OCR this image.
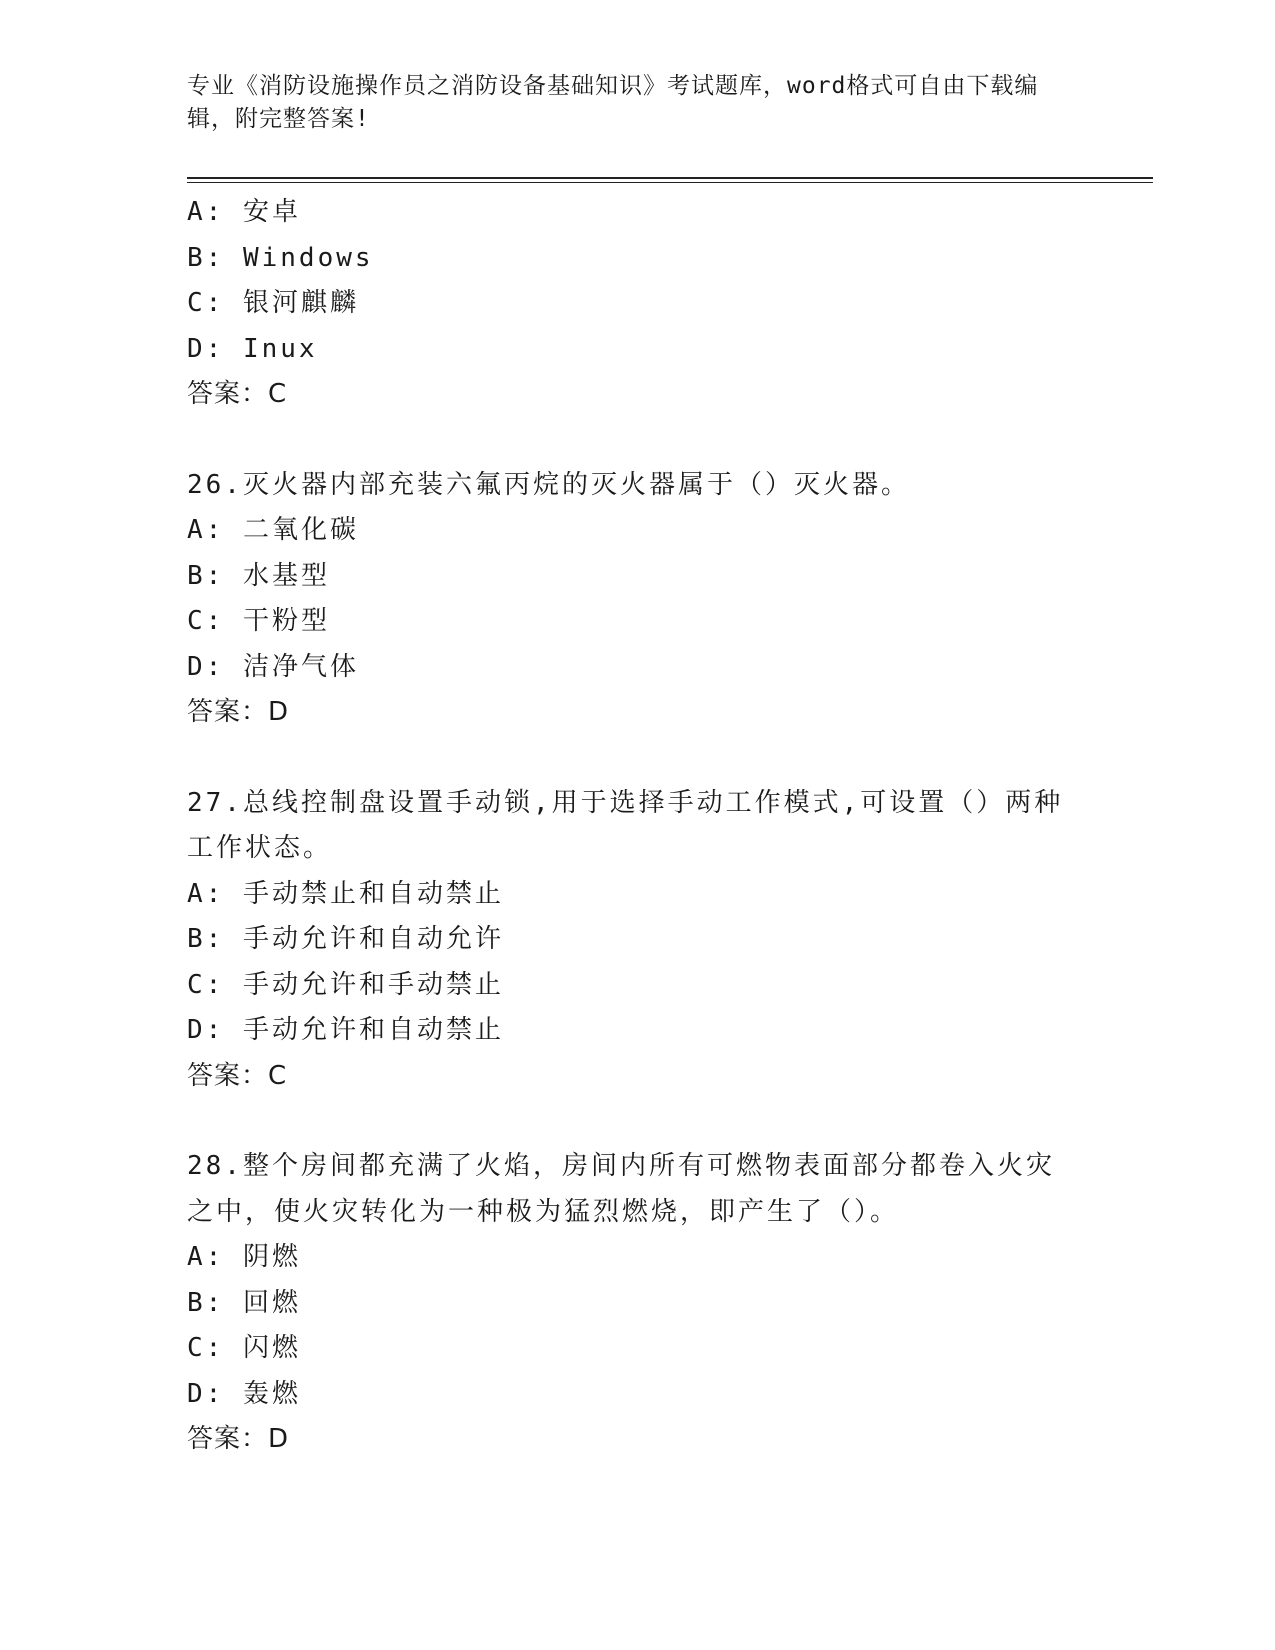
专业《消防设施操作员之消防设备基础知识》考试题库，word格式可自由下载编辑，附完整答案!
A: 安卓
B: Windows
C: 银河麒麟
D: Inux
答案：C
26.灭火器内部充装六氟丙烷的灭火器属于（）灭火器。
A: 二氧化碳
B: 水基型
C: 干粉型
D: 洁净气体
答案：D
27.总线控制盘设置手动锁,用于选择手动工作模式,可设置（）两种工作状态。
A: 手动禁止和自动禁止
B: 手动允许和自动允许
C: 手动允许和手动禁止
D: 手动允许和自动禁止
答案：C
28.整个房间都充满了火焰，房间内所有可燃物表面部分都卷入火灾之中，使火灾转化为一种极为猛烈燃烧，即产生了（）。
A: 阴燃
B: 回燃
C: 闪燃
D: 轰燃
答案：D
